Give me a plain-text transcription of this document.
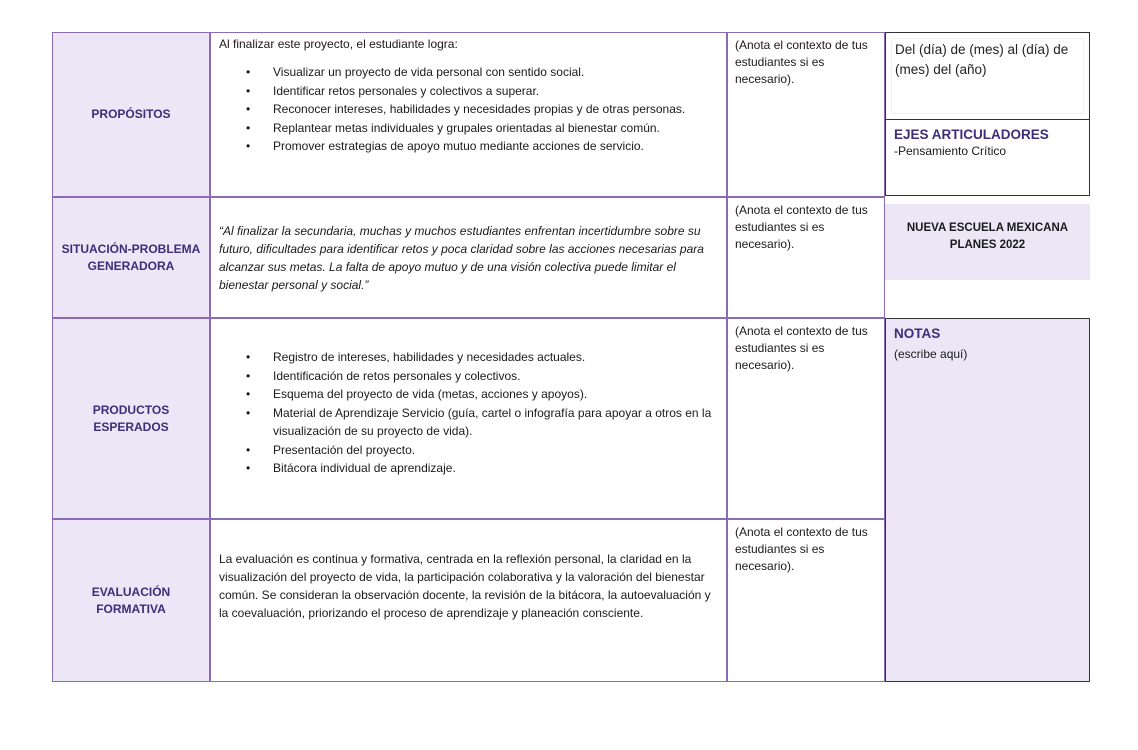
PROPÓSITOS
Al finalizar este proyecto, el estudiante logra:
• Visualizar un proyecto de vida personal con sentido social.
• Identificar retos personales y colectivos a superar.
• Reconocer intereses, habilidades y necesidades propias y de otras personas.
• Replantear metas individuales y grupales orientadas al bienestar común.
• Promover estrategias de apoyo mutuo mediante acciones de servicio.
(Anota el contexto de tus estudiantes si es necesario).
SITUACIÓN-PROBLEMA GENERADORA
“Al finalizar la secundaria, muchas y muchos estudiantes enfrentan incertidumbre sobre su futuro, dificultades para identificar retos y poca claridad sobre las acciones necesarias para alcanzar sus metas. La falta de apoyo mutuo y de una visión colectiva puede limitar el bienestar personal y social.”
(Anota el contexto de tus estudiantes si es necesario).
PRODUCTOS ESPERADOS
• Registro de intereses, habilidades y necesidades actuales.
• Identificación de retos personales y colectivos.
• Esquema del proyecto de vida (metas, acciones y apoyos).
• Material de Aprendizaje Servicio (guía, cartel o infografía para apoyar a otros en la visualización de su proyecto de vida).
• Presentación del proyecto.
• Bitácora individual de aprendizaje.
(Anota el contexto de tus estudiantes si es necesario).
EVALUACIÓN FORMATIVA
La evaluación es continua y formativa, centrada en la reflexión personal, la claridad en la visualización del proyecto de vida, la participación colaborativa y la valoración del bienestar común. Se consideran la observación docente, la revisión de la bitácora, la autoevaluación y la coevaluación, priorizando el proceso de aprendizaje y planeación consciente.
(Anota el contexto de tus estudiantes si es necesario).
Del (día) de (mes) al (día) de (mes) del (año)
EJES ARTICULADORES
-Pensamiento Crítico
NUEVA ESCUELA MEXICANA
PLANES 2022
NOTAS
(escribe aquí)
